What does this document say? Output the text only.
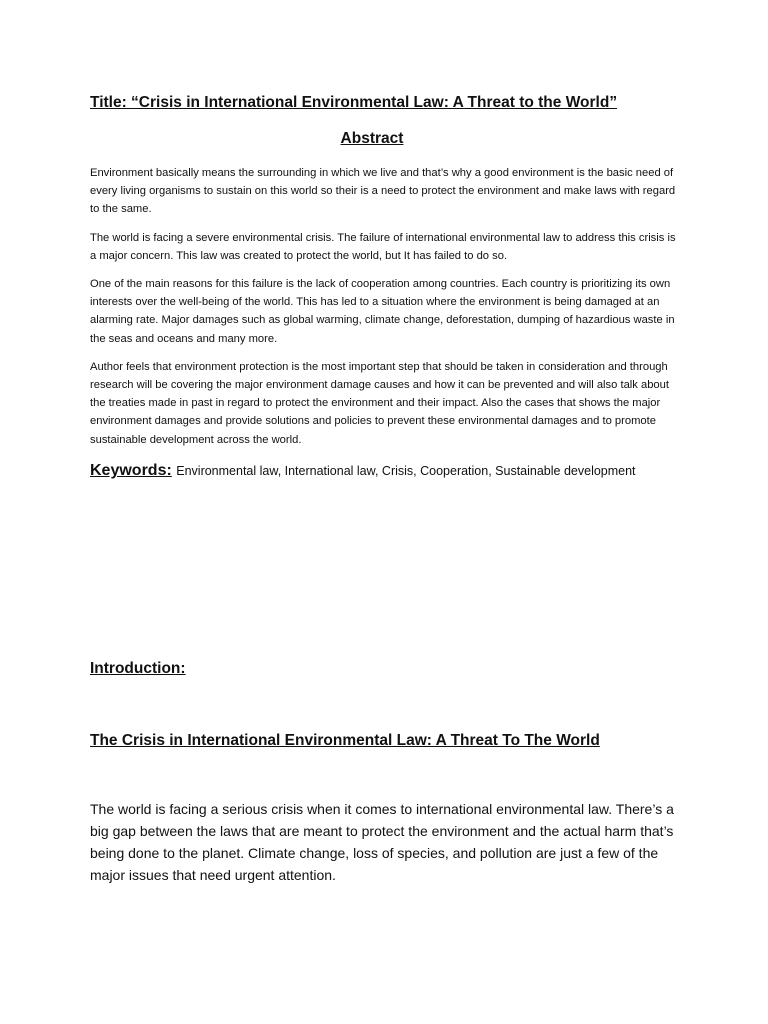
Title: “Crisis in International Environmental Law: A Threat to the World”
Abstract

Environment basically means the surrounding in which we live and that’s why a good environment is the basic need of every living organisms to sustain on this world so their is a need to protect the environment and make laws with regard to the same.

The world is facing a severe environmental crisis. The failure of international environmental law to address this crisis is a major concern. This law was created to protect the world, but It has failed to do so.

One of the main reasons for this failure is the lack of cooperation among countries. Each country is prioritizing its own interests over the well-being of the world. This has led to a situation where the environment is being damaged at an alarming rate. Major damages such as global warming, climate change, deforestation, dumping of hazardious waste in the seas and oceans and many more.

Author feels that environment protection is the most important step that should be taken in consideration and through research will be covering the major environment damage causes and how it can be prevented and will also talk about the treaties made in past in regard to protect the environment and their impact. Also the cases that shows the major environment damages and provide solutions and policies to prevent these environmental damages and to promote sustainable development across the world.

Keywords: Environmental law, International law, Crisis, Cooperation, Sustainable development
Introduction:
The Crisis in International Environmental Law: A Threat To The World

The world is facing a serious crisis when it comes to international environmental law. There’s a big gap between the laws that are meant to protect the environment and the actual harm that’s being done to the planet. Climate change, loss of species, and pollution are just a few of the major issues that need urgent attention.
